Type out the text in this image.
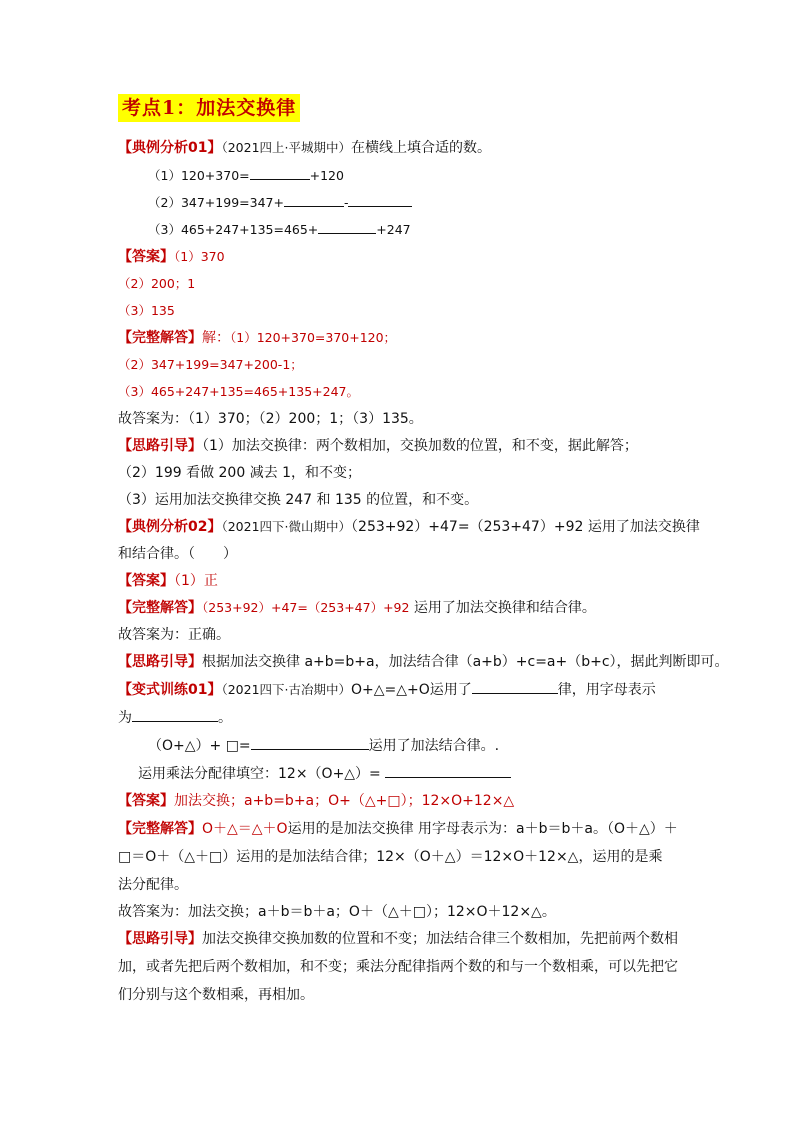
考点1：加法交换律
【典例分析01】（2021四上·平城期中）在横线上填合适的数。
（1）120+370=	+120
（2）347+199=347+	-
（3）465+247+135=465+	+247
【答案】（1）370
（2）200；1
（3）135
【完整解答】解：（1）120+370=370+120；
（2）347+199=347+200-1；
（3）465+247+135=465+135+247。
故答案为：（1）370；（2）200；1；（3）135。
【思路引导】（1）加法交换律：两个数相加，交换加数的位置，和不变，据此解答；
（2）199 看做 200 减去 1，和不变；
（3）运用加法交换律交换 247 和 135 的位置，和不变。
【典例分析02】（2021四下·微山期中）（253+92）+47=（253+47）+92 运用了加法交换律
和结合律。（　　）
【答案】（1）正
【完整解答】（253+92）+47=（253+47）+92 运用了加法交换律和结合律。
故答案为：正确。
【思路引导】根据加法交换律 a+b=b+a，加法结合律（a+b）+c=a+（b+c），据此判断即可。
【变式训练01】（2021四下·古冶期中）O+△=△+O运用了	律，用字母表示
为	。
（O+△）+ □=	运用了加法结合律。.
运用乘法分配律填空：12×（O+△）=
【答案】加法交换；a+b=b+a；O+（△+□）；12×O+12×△
【完整解答】O＋△＝△＋O运用的是加法交换律 用字母表示为：a＋b＝b＋a。（O＋△）＋
□＝O＋（△＋□）运用的是加法结合律；12×（O＋△）＝12×O＋12×△，运用的是乘
法分配律。
故答案为：加法交换；a＋b＝b＋a；O＋（△＋□）；12×O＋12×△。
【思路引导】加法交换律交换加数的位置和不变；加法结合律三个数相加，先把前两个数相
加，或者先把后两个数相加，和不变；乘法分配律指两个数的和与一个数相乘，可以先把它
们分别与这个数相乘，再相加。
